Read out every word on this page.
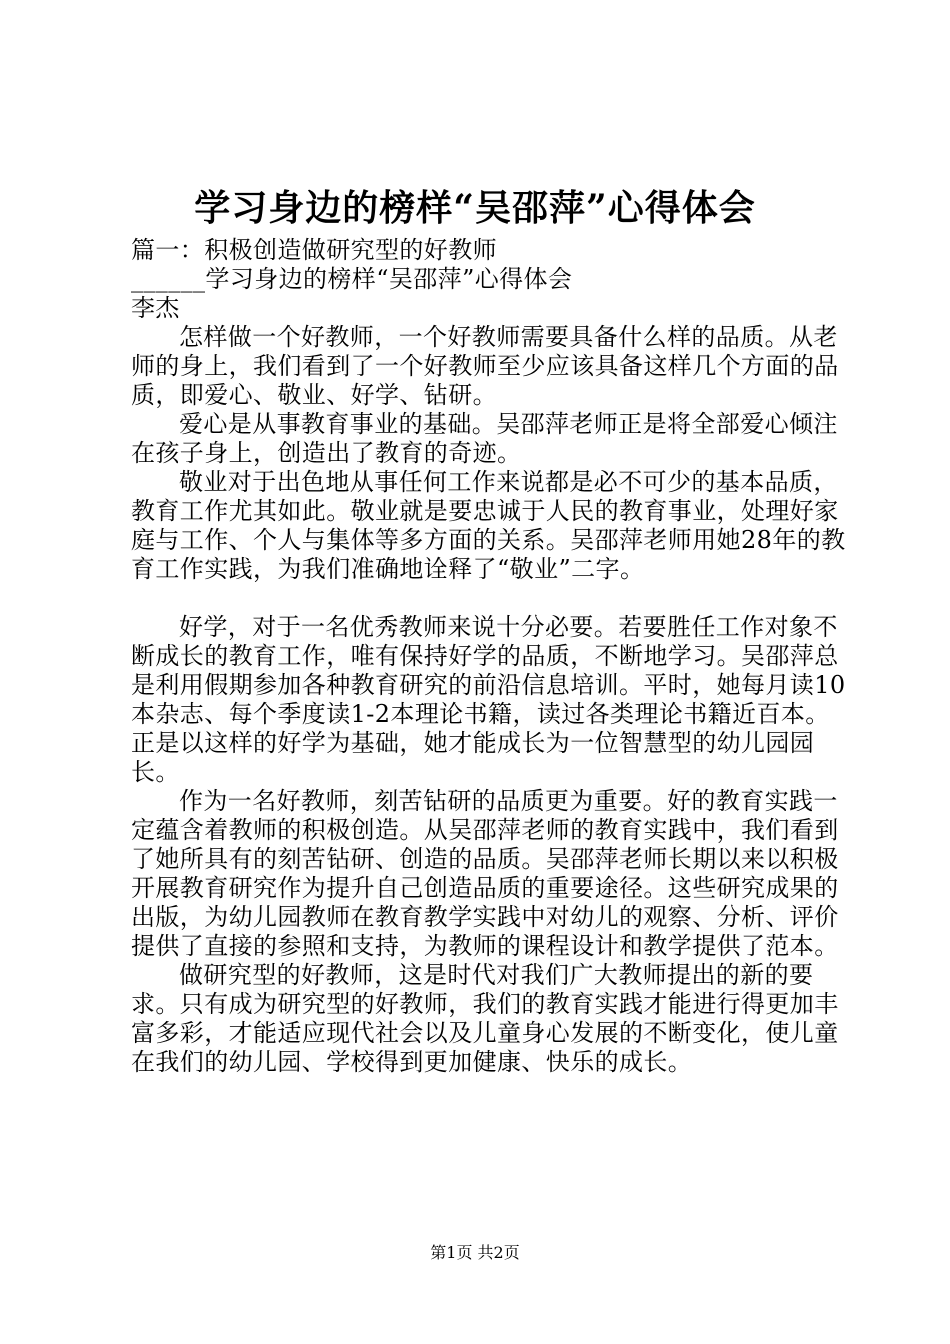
学习身边的榜样“吴邵萍”心得体会

篇一：积极创造做研究型的好教师

______学习身边的榜样“吴邵萍”心得体会

李杰

怎样做一个好教师，一个好教师需要具备什么样的品质。从老师的身上，我们看到了一个好教师至少应该具备这样几个方面的品质，即爱心、敬业、好学、钻研。

爱心是从事教育事业的基础。吴邵萍老师正是将全部爱心倾注在孩子身上，创造出了教育的奇迹。

敬业对于出色地从事任何工作来说都是必不可少的基本品质，教育工作尤其如此。敬业就是要忠诚于人民的教育事业，处理好家庭与工作、个人与集体等多方面的关系。吴邵萍老师用她28年的教育工作实践，为我们准确地诠释了“敬业”二字。

好学，对于一名优秀教师来说十分必要。若要胜任工作对象不断成长的教育工作，唯有保持好学的品质，不断地学习。吴邵萍总是利用假期参加各种教育研究的前沿信息培训。平时，她每月读10本杂志、每个季度读1-2本理论书籍，读过各类理论书籍近百本。正是以这样的好学为基础，她才能成长为一位智慧型的幼儿园园长。

作为一名好教师，刻苦钻研的品质更为重要。好的教育实践一定蕴含着教师的积极创造。从吴邵萍老师的教育实践中，我们看到了她所具有的刻苦钻研、创造的品质。吴邵萍老师长期以来以积极开展教育研究作为提升自己创造品质的重要途径。这些研究成果的出版，为幼儿园教师在教育教学实践中对幼儿的观察、分析、评价提供了直接的参照和支持，为教师的课程设计和教学提供了范本。

做研究型的好教师，这是时代对我们广大教师提出的新的要求。只有成为研究型的好教师，我们的教育实践才能进行得更加丰富多彩，才能适应现代社会以及儿童身心发展的不断变化，使儿童在我们的幼儿园、学校得到更加健康、快乐的成长。

第1页 共2页
